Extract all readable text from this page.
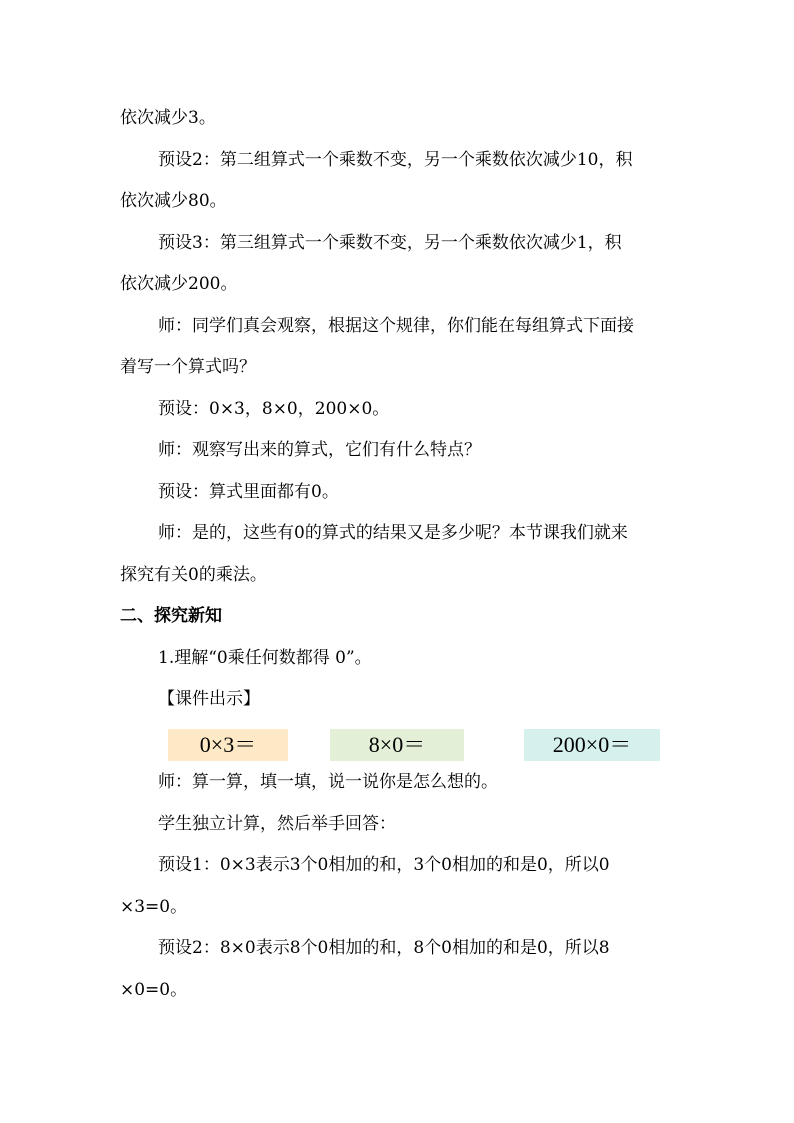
依次减少3。
预设2：第二组算式一个乘数不变，另一个乘数依次减少10，积
依次减少80。
预设3：第三组算式一个乘数不变，另一个乘数依次减少1，积
依次减少200。
师：同学们真会观察，根据这个规律，你们能在每组算式下面接
着写一个算式吗？
预设：0×3，8×0，200×0。
师：观察写出来的算式，它们有什么特点？
预设：算式里面都有0。
师：是的，这些有0的算式的结果又是多少呢？本节课我们就来
探究有关0的乘法。
二、探究新知
1.理解“0乘任何数都得 0”。
【课件出示】
0×3＝	8×0＝	200×0＝
师：算一算，填一填，说一说你是怎么想的。
学生独立计算，然后举手回答：
预设1：0×3表示3个0相加的和，3个0相加的和是0，所以0
×3=0。
预设2：8×0表示8个0相加的和，8个0相加的和是0，所以8
×0=0。
